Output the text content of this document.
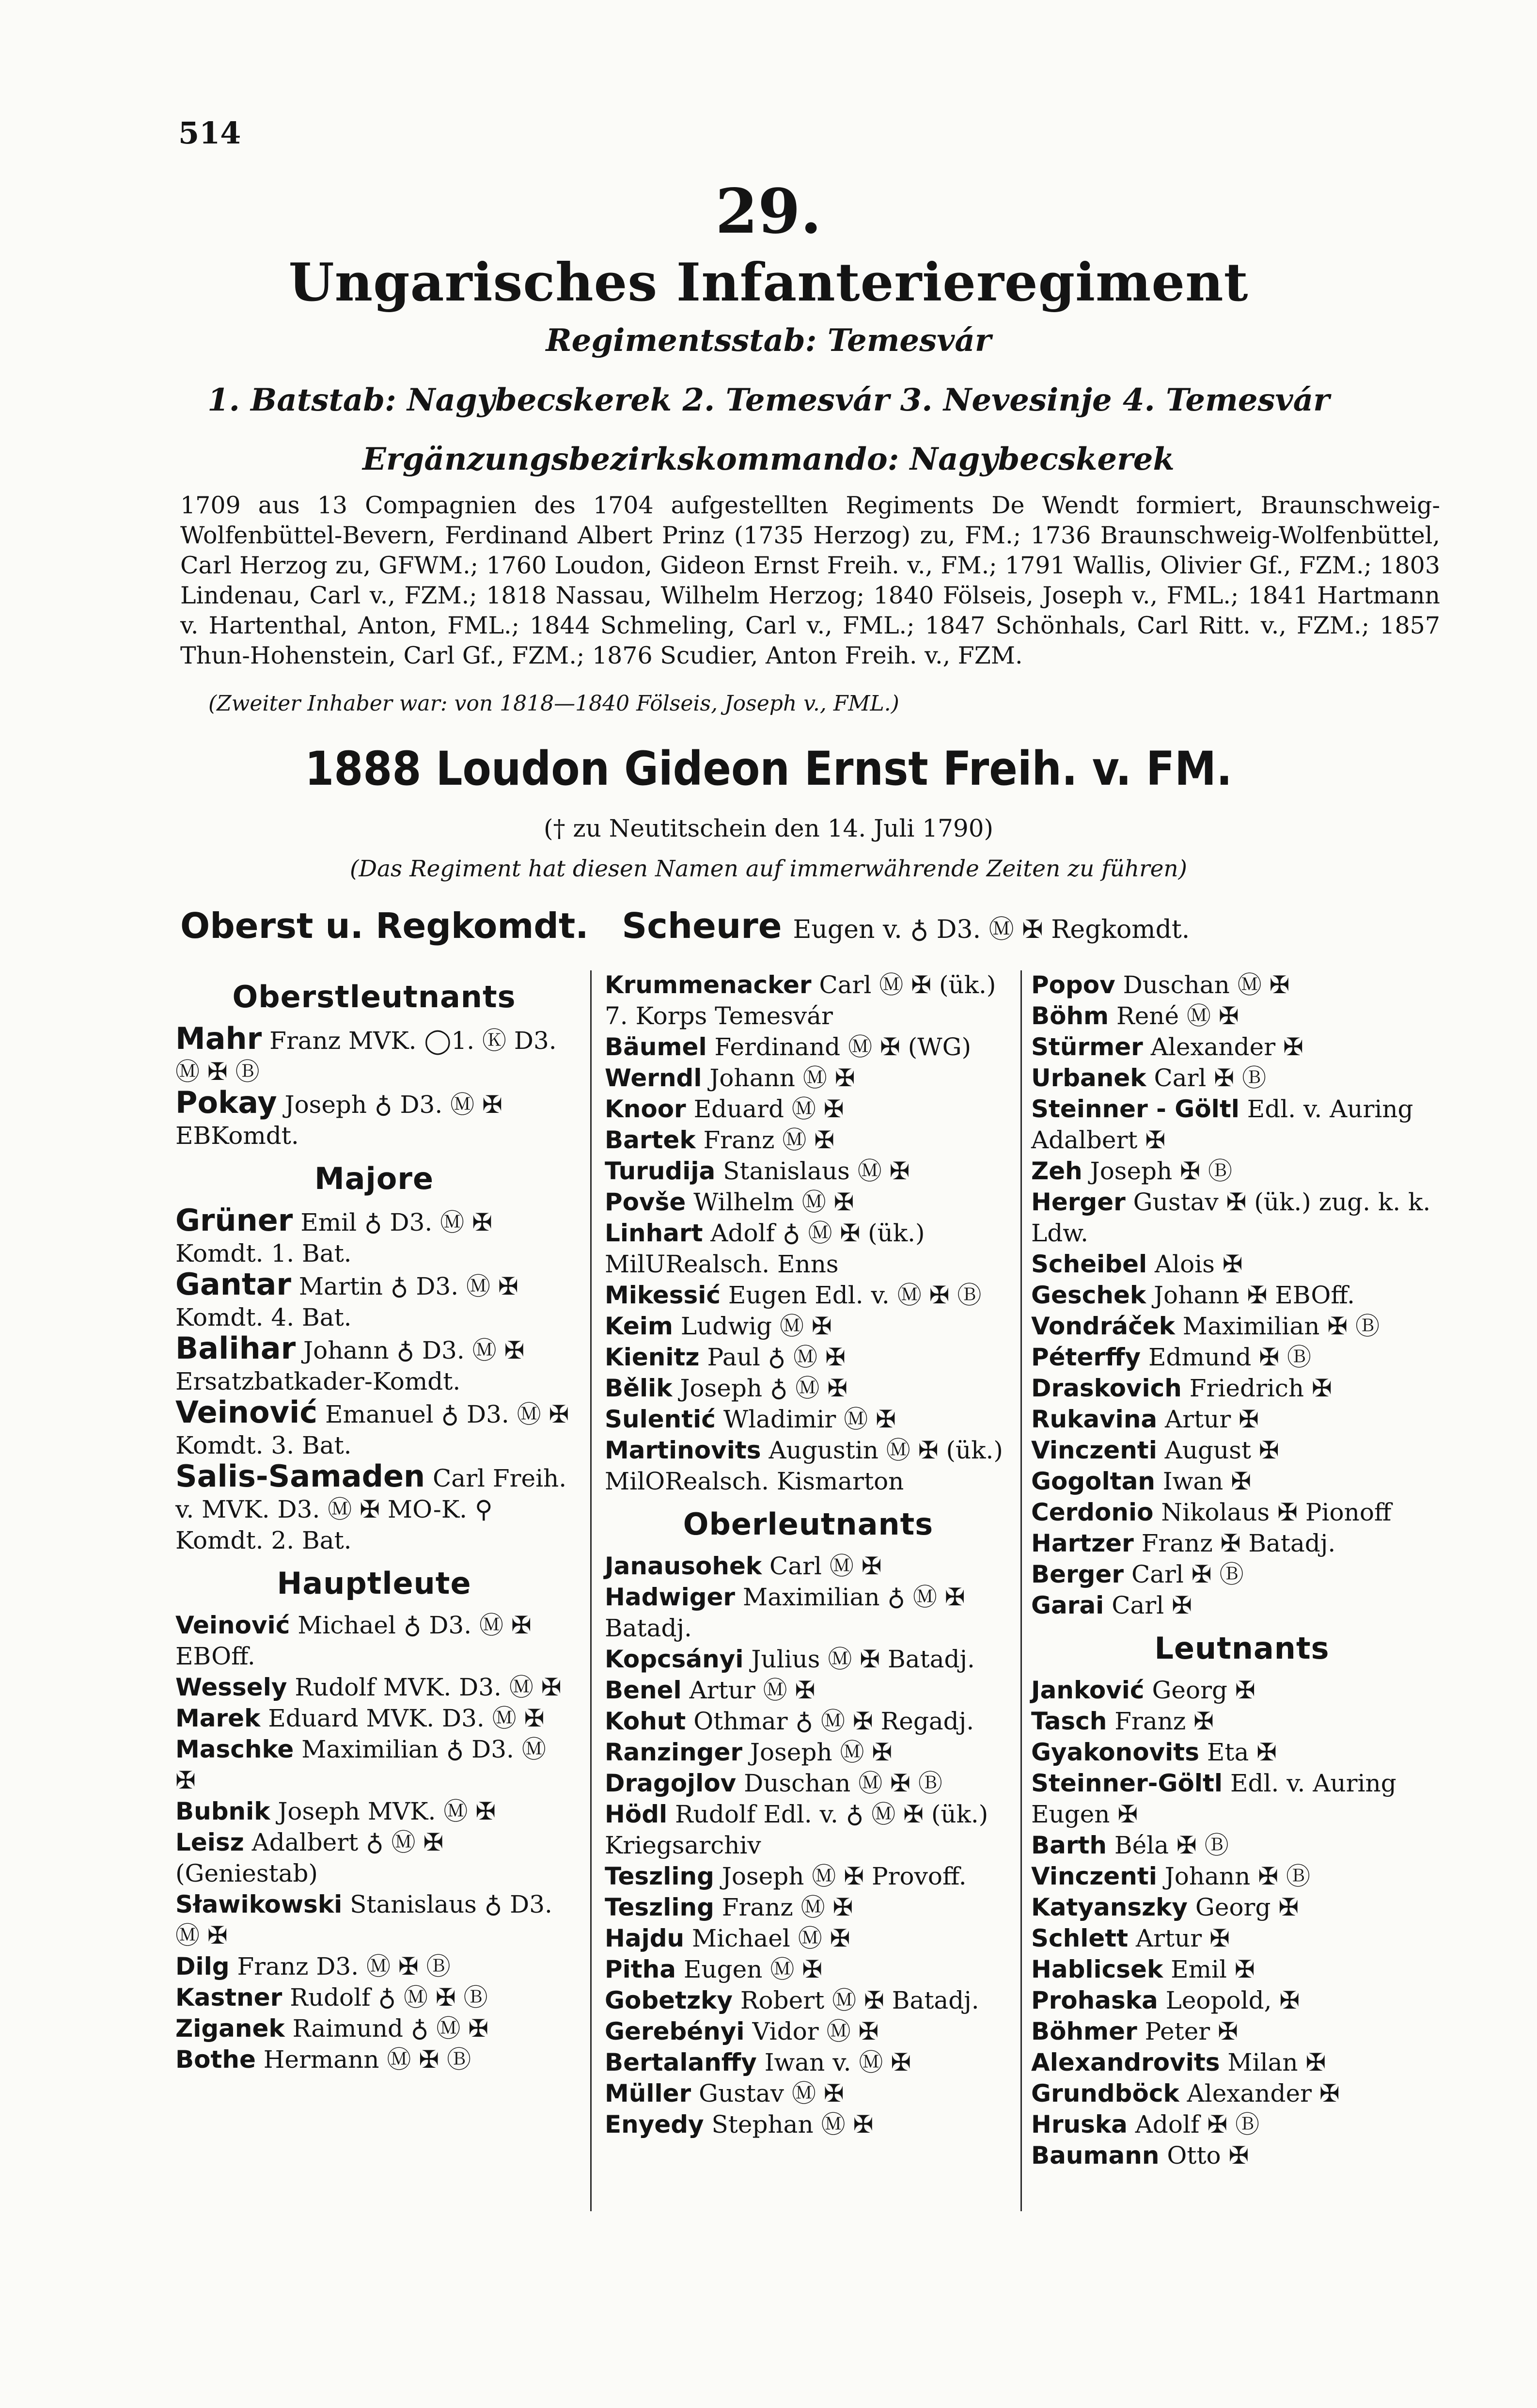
514
29.
Ungarisches Infanterieregiment
Regimentsstab: Temesvár
1. Batstab: Nagybecskerek 2. Temesvár 3. Nevesinje 4. Temesvár
Ergänzungsbezirkskommando: Nagybecskerek

1709 aus 13 Compagnien des 1704 aufgestellten Regiments De Wendt formiert, Braunschweig-Wolfenbüttel-Bevern, Ferdinand Albert Prinz (1735 Herzog) zu, FM.; 1736 Braunschweig-Wolfenbüttel, Carl Herzog zu, GFWM.; 1760 Loudon, Gideon Ernst Freih. v., FM.; 1791 Wallis, Olivier Gf., FZM.; 1803 Lindenau, Carl v., FZM.; 1818 Nassau, Wilhelm Herzog; 1840 Fölseis, Joseph v., FML.; 1841 Hartmann v. Hartenthal, Anton, FML.; 1844 Schmeling, Carl v., FML.; 1847 Schönhals, Carl Ritt. v., FZM.; 1857 Thun-Hohenstein, Carl Gf., FZM.; 1876 Scudier, Anton Freih. v., FZM.

(Zweiter Inhaber war: von 1818—1840 Fölseis, Joseph v., FML.)
1888 Loudon Gideon Ernst Freih. v. FM.
(† zu Neutitschein den 14. Juli 1790)
(Das Regiment hat diesen Namen auf immerwährende Zeiten zu führen)
Oberst u. Regkomdt. Scheure Eugen v. ♁ D3. Ⓜ ✠ Regkomdt.
Oberstleutnants

Mahr Franz MVK. ◯1. Ⓚ D3. Ⓜ ✠ Ⓑ

Pokay Joseph ♁ D3. Ⓜ ✠ EBKomdt.

Majore

Grüner Emil ♁ D3. Ⓜ ✠ Komdt. 1. Bat.

Gantar Martin ♁ D3. Ⓜ ✠ Komdt. 4. Bat.

Balihar Johann ♁ D3. Ⓜ ✠ Ersatzbatkader-Komdt.

Veinović Emanuel ♁ D3. Ⓜ ✠ Komdt. 3. Bat.

Salis-Samaden Carl Freih. v. MVK. D3. Ⓜ ✠ MO-K. ⚲ Komdt. 2. Bat.

Hauptleute

Veinović Michael ♁ D3. Ⓜ ✠ EBOff.

Wessely Rudolf MVK. D3. Ⓜ ✠

Marek Eduard MVK. D3. Ⓜ ✠

Maschke Maximilian ♁ D3. Ⓜ ✠

Bubnik Joseph MVK. Ⓜ ✠

Leisz Adalbert ♁ Ⓜ ✠ (Geniestab)

Sławikowski Stanislaus ♁ D3. Ⓜ ✠

Dilg Franz D3. Ⓜ ✠ Ⓑ

Kastner Rudolf ♁ Ⓜ ✠ Ⓑ

Ziganek Raimund ♁ Ⓜ ✠

Bothe Hermann Ⓜ ✠ Ⓑ

Krummenacker Carl Ⓜ ✠ (ük.) 7. Korps Temesvár

Bäumel Ferdinand Ⓜ ✠ (WG)

Werndl Johann Ⓜ ✠

Knoor Eduard Ⓜ ✠

Bartek Franz Ⓜ ✠

Turudija Stanislaus Ⓜ ✠

Povše Wilhelm Ⓜ ✠

Linhart Adolf ♁ Ⓜ ✠ (ük.) MilURealsch. Enns

Mikessić Eugen Edl. v. Ⓜ ✠ Ⓑ

Keim Ludwig Ⓜ ✠

Kienitz Paul ♁ Ⓜ ✠

Bělik Joseph ♁ Ⓜ ✠

Sulentić Wladimir Ⓜ ✠

Martinovits Augustin Ⓜ ✠ (ük.) MilORealsch. Kismarton

Oberleutnants

Janausohek Carl Ⓜ ✠

Hadwiger Maximilian ♁ Ⓜ ✠ Batadj.

Kopcsányi Julius Ⓜ ✠ Batadj.

Benel Artur Ⓜ ✠

Kohut Othmar ♁ Ⓜ ✠ Regadj.

Ranzinger Joseph Ⓜ ✠

Dragojlov Duschan Ⓜ ✠ Ⓑ

Hödl Rudolf Edl. v. ♁ Ⓜ ✠ (ük.) Kriegsarchiv

Teszling Joseph Ⓜ ✠ Provoff.

Teszling Franz Ⓜ ✠

Hajdu Michael Ⓜ ✠

Pitha Eugen Ⓜ ✠

Gobetzky Robert Ⓜ ✠ Batadj.

Gerebényi Vidor Ⓜ ✠

Bertalanffy Iwan v. Ⓜ ✠

Müller Gustav Ⓜ ✠

Enyedy Stephan Ⓜ ✠

Popov Duschan Ⓜ ✠

Böhm René Ⓜ ✠

Stürmer Alexander ✠

Urbanek Carl ✠ Ⓑ

Steinner - Göltl Edl. v. Auring Adalbert ✠

Zeh Joseph ✠ Ⓑ

Herger Gustav ✠ (ük.) zug. k. k. Ldw.

Scheibel Alois ✠

Geschek Johann ✠ EBOff.

Vondráček Maximilian ✠ Ⓑ

Péterffy Edmund ✠ Ⓑ

Draskovich Friedrich ✠

Rukavina Artur ✠

Vinczenti August ✠

Gogoltan Iwan ✠

Cerdonio Nikolaus ✠ Pionoff

Hartzer Franz ✠ Batadj.

Berger Carl ✠ Ⓑ

Garai Carl ✠

Leutnants

Janković Georg ✠

Tasch Franz ✠

Gyakonovits Eta ✠

Steinner-Göltl Edl. v. Auring Eugen ✠

Barth Béla ✠ Ⓑ

Vinczenti Johann ✠ Ⓑ

Katyanszky Georg ✠

Schlett Artur ✠

Hablicsek Emil ✠

Prohaska Leopold, ✠

Böhmer Peter ✠

Alexandrovits Milan ✠

Grundböck Alexander ✠

Hruska Adolf ✠ Ⓑ

Baumann Otto ✠
